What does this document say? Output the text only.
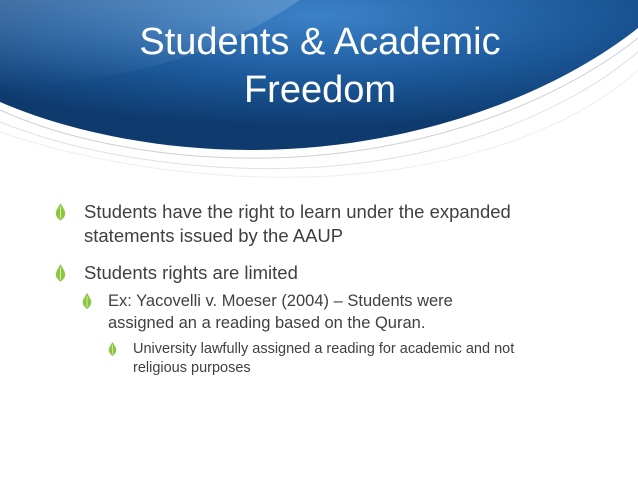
Students & Academic Freedom
Students have the right to learn under the expanded statements issued by the AAUP
Students rights are limited
Ex: Yacovelli v. Moeser (2004) – Students were assigned an a reading based on the Quran.
University lawfully assigned a reading for academic and not religious purposes
